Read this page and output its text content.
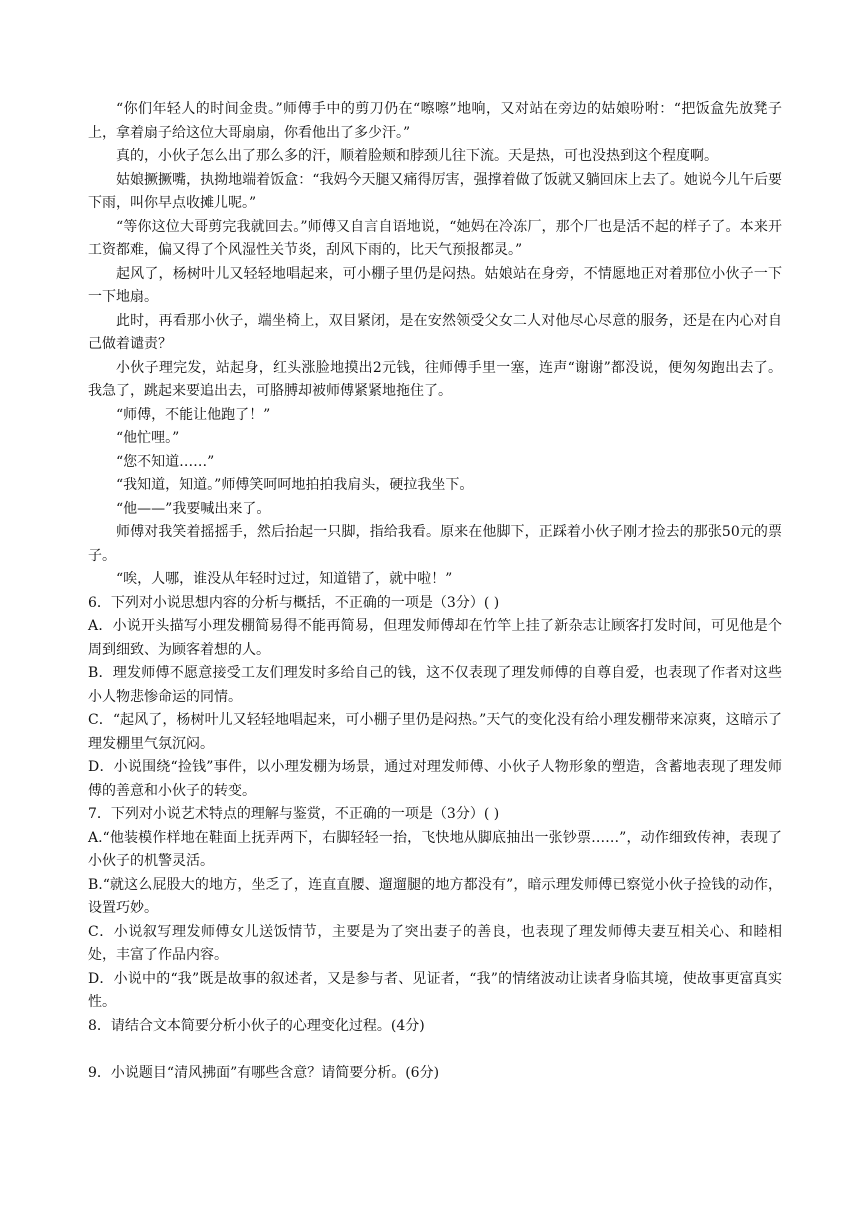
“你们年轻人的时间金贵。”师傅手中的剪刀仍在“嚓嚓”地响，又对站在旁边的姑娘吩咐：“把饭盒先放凳子上，拿着扇子给这位大哥扇扇，你看他出了多少汗。”

真的，小伙子怎么出了那么多的汗，顺着脸颊和脖颈儿往下流。天是热，可也没热到这个程度啊。

姑娘撅撅嘴，执拗地端着饭盒：“我妈今天腿又痛得厉害，强撑着做了饭就又躺回床上去了。她说今儿午后要下雨，叫你早点收摊儿呢。”

“等你这位大哥剪完我就回去。”师傅又自言自语地说，“她妈在冷冻厂，那个厂也是活不起的样子了。本来开工资都难，偏又得了个风湿性关节炎，刮风下雨的，比天气预报都灵。”

起风了，杨树叶儿又轻轻地唱起来，可小棚子里仍是闷热。姑娘站在身旁，不情愿地正对着那位小伙子一下一下地扇。

此时，再看那小伙子，端坐椅上，双目紧闭，是在安然领受父女二人对他尽心尽意的服务，还是在内心对自己做着谴责？

小伙子理完发，站起身，红头涨脸地摸出2元钱，往师傅手里一塞，连声“谢谢”都没说，便匆匆跑出去了。我急了，跳起来要追出去，可胳膊却被师傅紧紧地拖住了。

“师傅，不能让他跑了！”

“他忙哩。”

“您不知道……”

“我知道，知道。”师傅笑呵呵地拍拍我肩头，硬拉我坐下。

“他——”我要喊出来了。

师傅对我笑着摇摇手，然后抬起一只脚，指给我看。原来在他脚下，正踩着小伙子刚才捡去的那张50元的票子。

“唉，人哪，谁没从年轻时过过，知道错了，就中啦！”

6．下列对小说思想内容的分析与概括，不正确的一项是（3分）( )

A．小说开头描写小理发棚简易得不能再简易，但理发师傅却在竹竿上挂了新杂志让顾客打发时间，可见他是个周到细致、为顾客着想的人。

B．理发师傅不愿意接受工友们理发时多给自己的钱，这不仅表现了理发师傅的自尊自爱，也表现了作者对这些小人物悲惨命运的同情。

C．“起风了，杨树叶儿又轻轻地唱起来，可小棚子里仍是闷热。”天气的变化没有给小理发棚带来凉爽，这暗示了理发棚里气氛沉闷。

D．小说围绕“捡钱”事件，以小理发棚为场景，通过对理发师傅、小伙子人物形象的塑造，含蓄地表现了理发师傅的善意和小伙子的转变。

7．下列对小说艺术特点的理解与鉴赏，不正确的一项是（3分）( )

A.“他装模作样地在鞋面上抚弄两下，右脚轻轻一抬，飞快地从脚底抽出一张钞票……”，动作细致传神，表现了小伙子的机警灵活。

B.“就这么屁股大的地方，坐乏了，连直直腰、遛遛腿的地方都没有”，暗示理发师傅已察觉小伙子捡钱的动作，设置巧妙。

C．小说叙写理发师傅女儿送饭情节，主要是为了突出妻子的善良，也表现了理发师傅夫妻互相关心、和睦相处，丰富了作品内容。

D．小说中的“我”既是故事的叙述者，又是参与者、见证者，“我”的情绪波动让读者身临其境，使故事更富真实性。

8．请结合文本简要分析小伙子的心理变化过程。(4分)

9．小说题目“清风拂面”有哪些含意？请简要分析。(6分)
